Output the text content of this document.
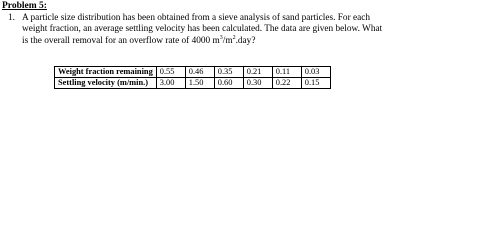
Problem 5:
1. A particle size distribution has been obtained from a sieve analysis of sand particles. For each
weight fraction, an average settling velocity has been calculated. The data are given below. What
is the overall removal for an overflow rate of 4000 $m^3/m^2.day$?
Weight fraction remaining	0.55	0.46	0.35	0.21	0.11	0.03
Settling velocity (m/min.)	3.00	1.50	0.60	0.30	0.22	0.15
